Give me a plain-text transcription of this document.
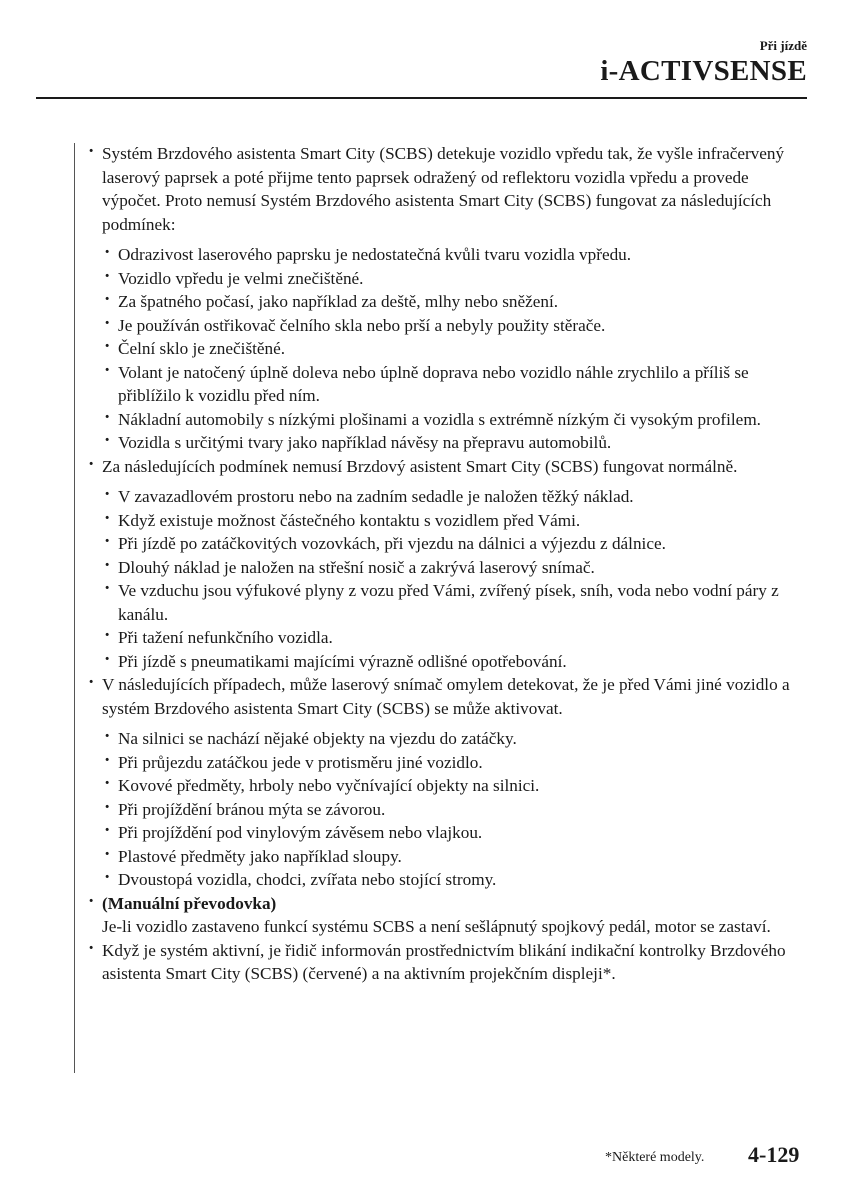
Při jízdě
i-ACTIVSENSE
· Systém Brzdového asistenta Smart City (SCBS) detekuje vozidlo vpředu tak, že vyšle infračervený laserový paprsek a poté přijme tento paprsek odražený od reflektoru vozidla vpředu a provede výpočet. Proto nemusí Systém Brzdového asistenta Smart City (SCBS) fungovat za následujících podmínek:
· Odrazivost laserového paprsku je nedostatečná kvůli tvaru vozidla vpředu.
· Vozidlo vpředu je velmi znečištěné.
· Za špatného počasí, jako například za deště, mlhy nebo sněžení.
· Je používán ostřikovač čelního skla nebo prší a nebyly použity stěrače.
· Čelní sklo je znečištěné.
· Volant je natočený úplně doleva nebo úplně doprava nebo vozidlo náhle zrychlilo a příliš se přiblížilo k vozidlu před ním.
· Nákladní automobily s nízkými plošinami a vozidla s extrémně nízkým či vysokým profilem.
· Vozidla s určitými tvary jako například návěsy na přepravu automobilů.
· Za následujících podmínek nemusí Brzdový asistent Smart City (SCBS) fungovat normálně.
· V zavazadlovém prostoru nebo na zadním sedadle je naložen těžký náklad.
· Když existuje možnost částečného kontaktu s vozidlem před Vámi.
· Při jízdě po zatáčkovitých vozovkách, při vjezdu na dálnici a výjezdu z dálnice.
· Dlouhý náklad je naložen na střešní nosič a zakrývá laserový snímač.
· Ve vzduchu jsou výfukové plyny z vozu před Vámi, zvířený písek, sníh, voda nebo vodní páry z kanálu.
· Při tažení nefunkčního vozidla.
· Při jízdě s pneumatikami majícími výrazně odlišné opotřebování.
· V následujících případech, může laserový snímač omylem detekovat, že je před Vámi jiné vozidlo a systém Brzdového asistenta Smart City (SCBS) se může aktivovat.
· Na silnici se nachází nějaké objekty na vjezdu do zatáčky.
· Při průjezdu zatáčkou jede v protisměru jiné vozidlo.
· Kovové předměty, hrboly nebo vyčnívající objekty na silnici.
· Při projíždění bránou mýta se závorou.
· Při projíždění pod vinylovým závěsem nebo vlajkou.
· Plastové předměty jako například sloupy.
· Dvoustopá vozidla, chodci, zvířata nebo stojící stromy.
· (Manuální převodovka)
Je-li vozidlo zastaveno funkcí systému SCBS a není sešlápnutý spojkový pedál, motor se zastaví.
· Když je systém aktivní, je řidič informován prostřednictvím blikání indikační kontrolky Brzdového asistenta Smart City (SCBS) (červené) a na aktivním projekčním displeji*.
*Některé modely. 4-129
